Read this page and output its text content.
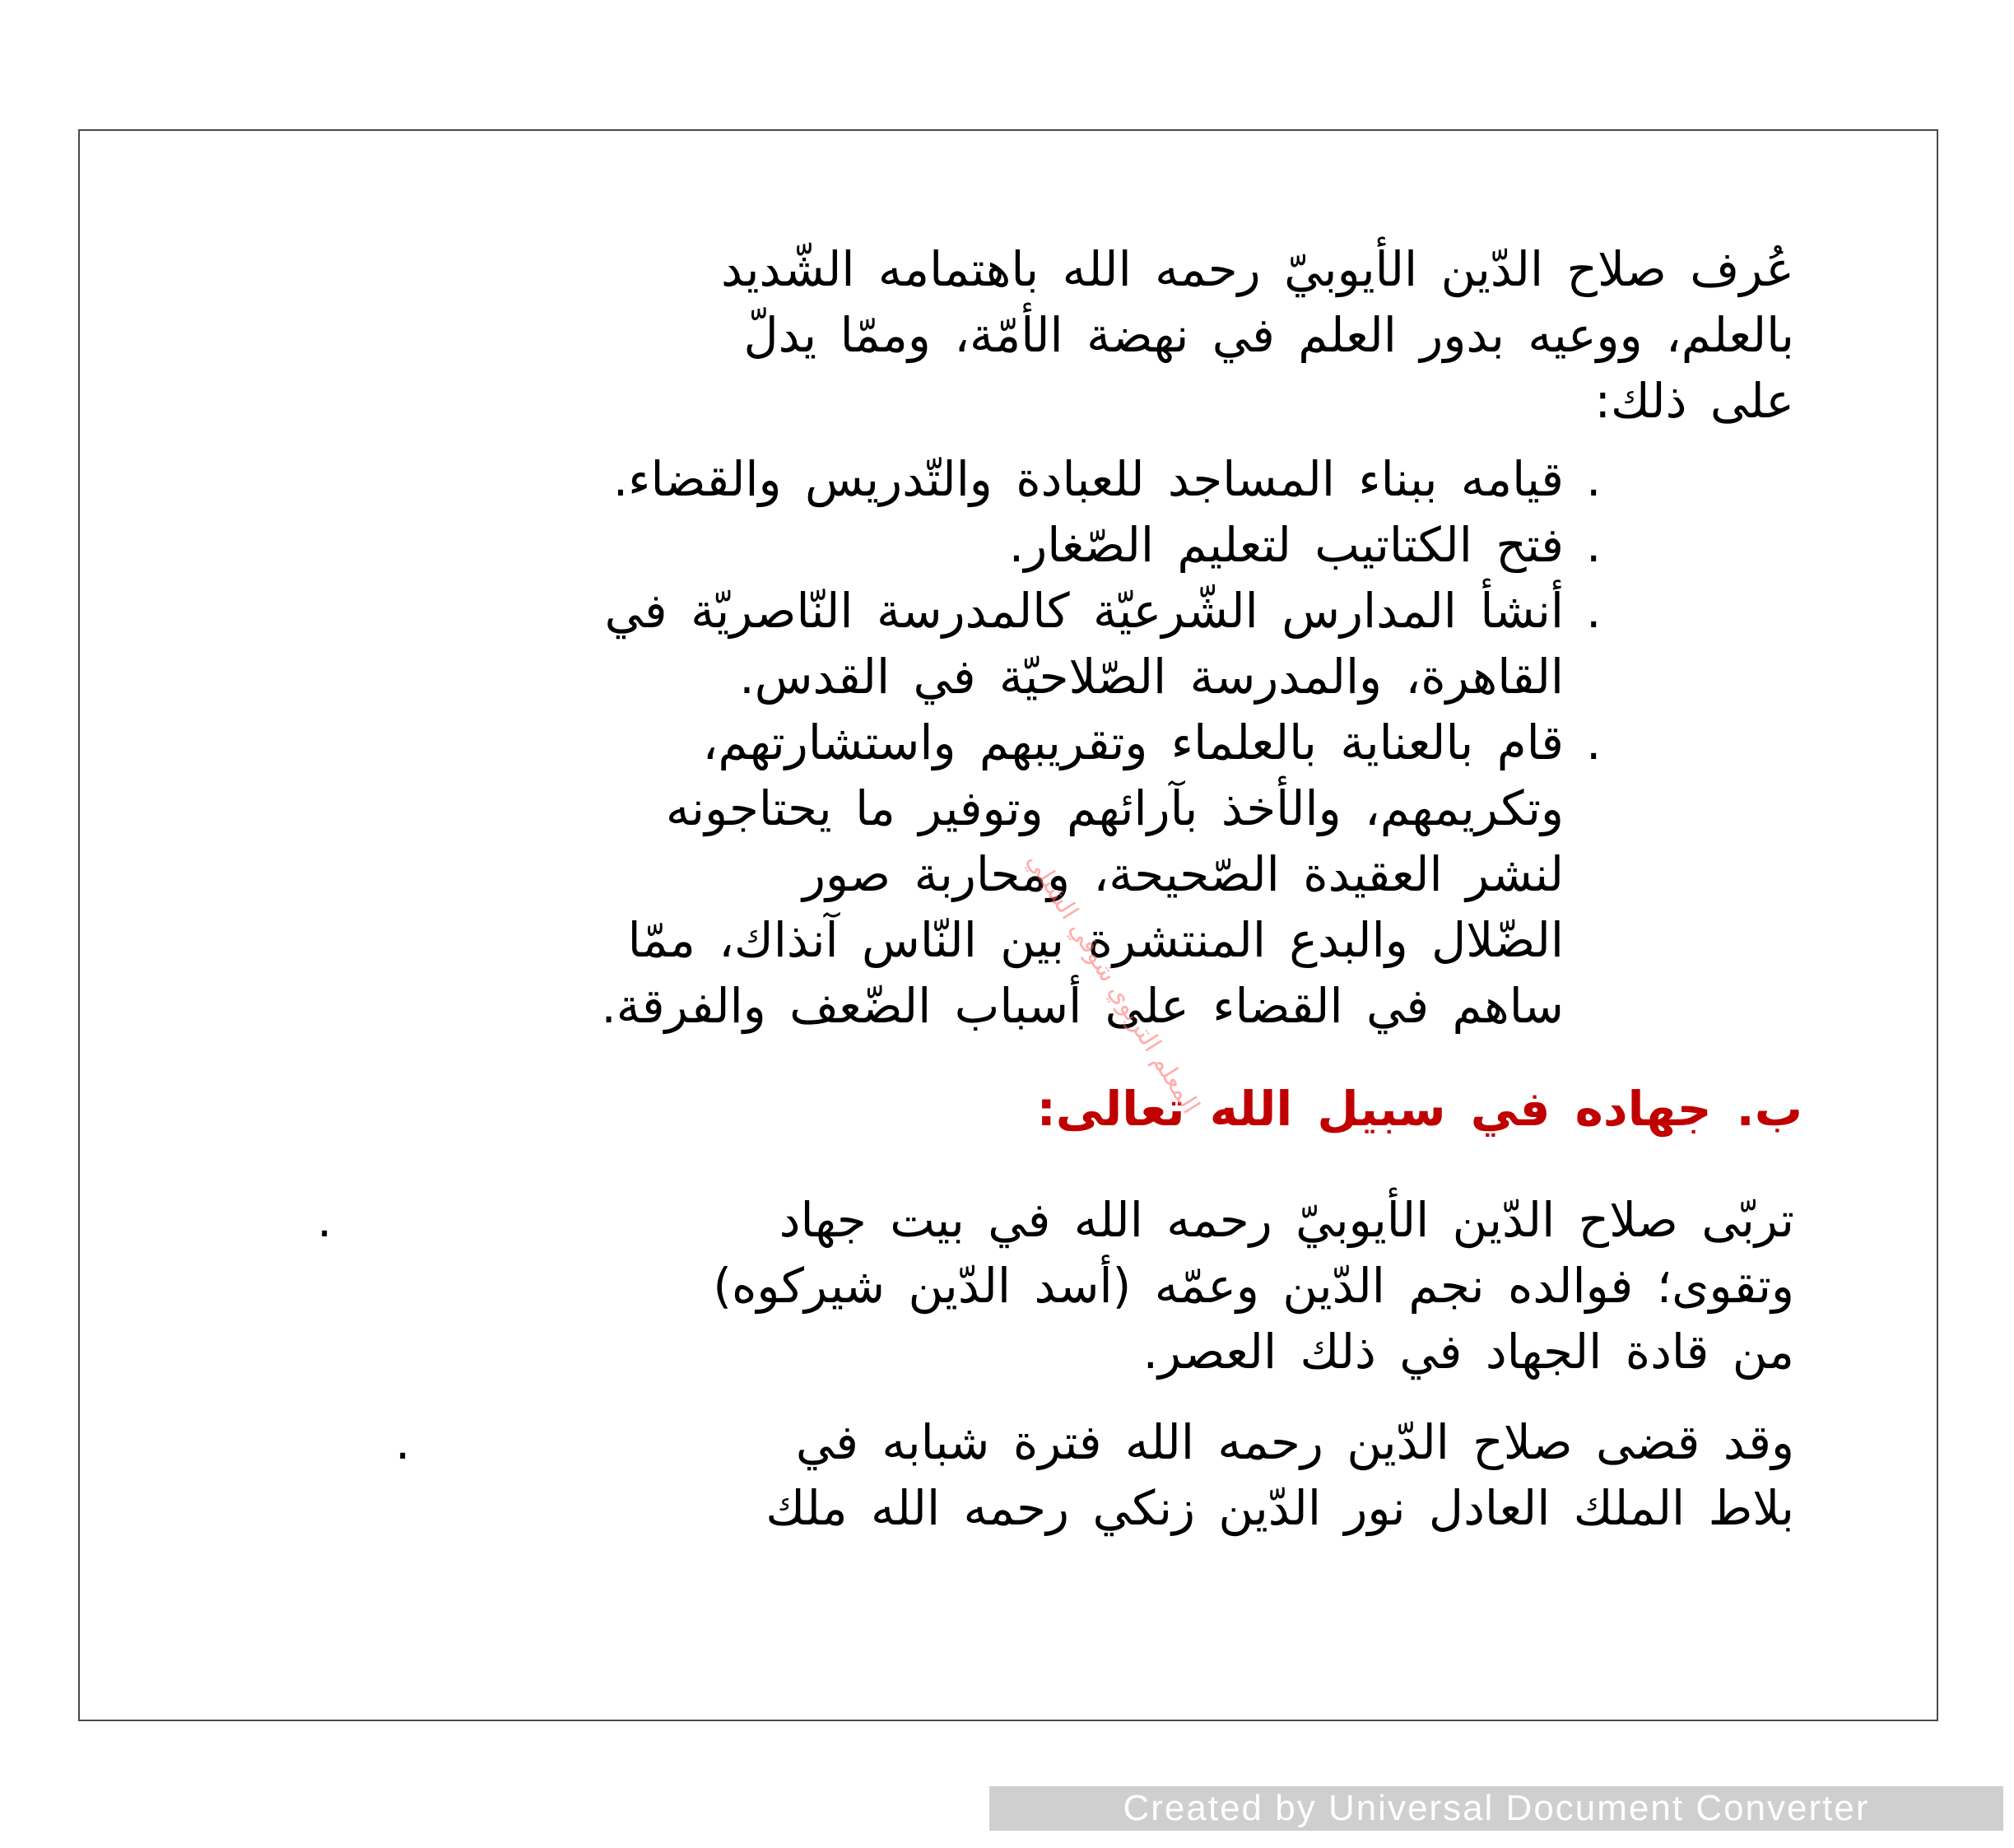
عُرف صلاح الدّين الأيوبيّ رحمه الله باهتمامه الشّديد
بالعلم، ووعيه بدور العلم في نهضة الأمّة، وممّا يدلّ
على ذلك:
.
قيامه ببناء المساجد للعبادة والتّدريس والقضاء.
.
فتح الكتاتيب لتعليم الصّغار.
.
أنشأ المدارس الشّرعيّة كالمدرسة النّاصريّة في
القاهرة، والمدرسة الصّلاحيّة في القدس.
.
قام بالعناية بالعلماء وتقريبهم واستشارتهم،
وتكريمهم، والأخذ بآرائهم وتوفير ما يحتاجونه
لنشر العقيدة الصّحيحة، ومحاربة صور
الضّلال والبدع المنتشرة بين النّاس آنذاك، ممّا
ساهم في القضاء على أسباب الضّعف والفرقة.
ب. جهاده في سبيل الله تعالى:
.	تربّى صلاح الدّين الأيوبيّ رحمه الله في بيت جهاد
وتقوى؛ فوالده نجم الدّين وعمّه (أسد الدّين شيركوه)
من قادة الجهاد في ذلك العصر.
.	وقد قضى صلاح الدّين رحمه الله فترة شبابه في
بلاط الملك العادل نور الدّين زنكي رحمه الله ملك
المعلم التربوي شوقي الشبلي
Created by Universal Document Converter
